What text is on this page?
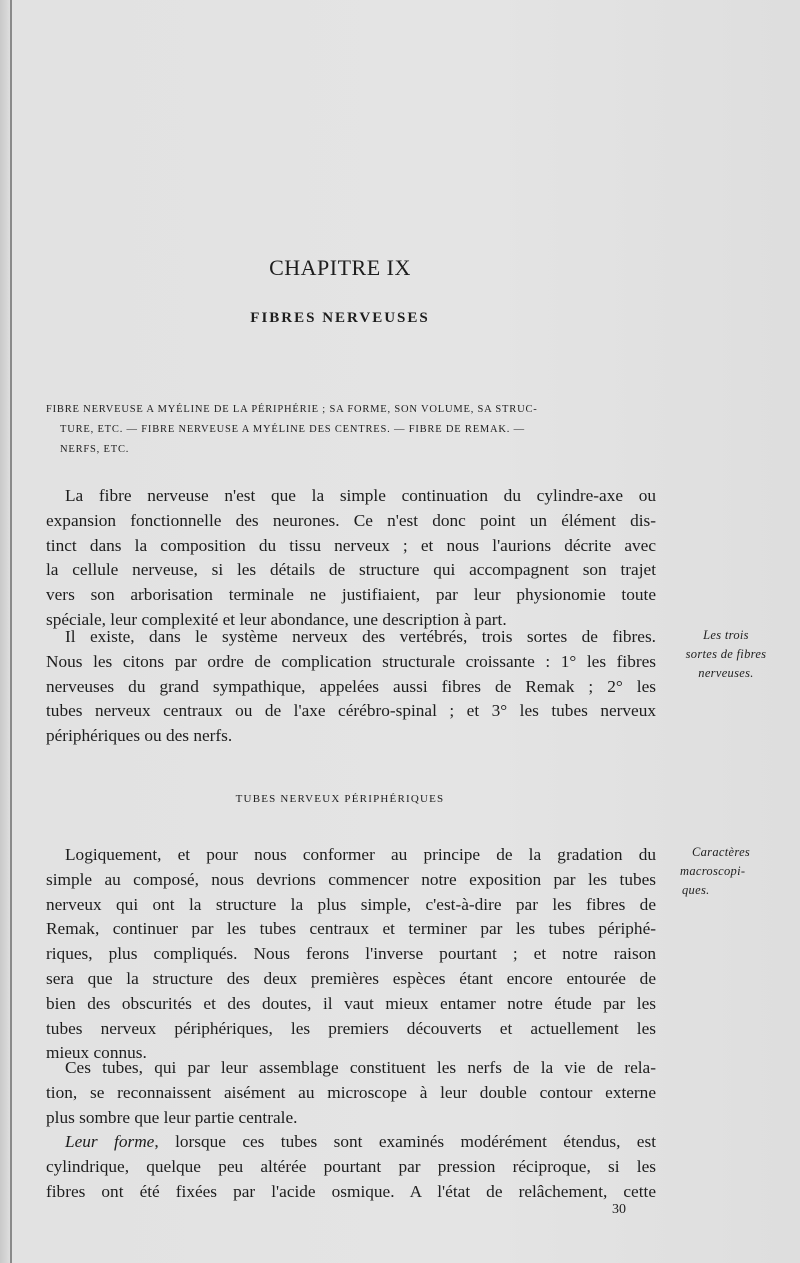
CHAPITRE IX
FIBRES NERVEUSES
FIBRE NERVEUSE A MYÉLINE DE LA PÉRIPHÉRIE ; SA FORME, SON VOLUME, SA STRUC-
TURE, ETC. — FIBRE NERVEUSE A MYÉLINE DES CENTRES. — FIBRE DE REMAK. —
NERFS, ETC.
La fibre nerveuse n'est que la simple continuation du cylindre-axe ou
expansion fonctionnelle des neurones. Ce n'est donc point un élément dis-
tinct dans la composition du tissu nerveux ; et nous l'aurions décrite avec
la cellule nerveuse, si les détails de structure qui accompagnent son trajet
vers son arborisation terminale ne justifiaient, par leur physionomie toute
spéciale, leur complexité et leur abondance, une description à part.
Il existe, dans le système nerveux des vertébrés, trois sortes de fibres.
Nous les citons par ordre de complication structurale croissante : 1° les fibres
nerveuses du grand sympathique, appelées aussi fibres de Remak ; 2° les
tubes nerveux centraux ou de l'axe cérébro-spinal ; et 3° les tubes nerveux
périphériques ou des nerfs.
Les trois
sortes de fibres
nerveuses.
TUBES NERVEUX PÉRIPHÉRIQUES
Logiquement, et pour nous conformer au principe de la gradation du
simple au composé, nous devrions commencer notre exposition par les tubes
nerveux qui ont la structure la plus simple, c'est-à-dire par les fibres de
Remak, continuer par les tubes centraux et terminer par les tubes périphé-
riques, plus compliqués. Nous ferons l'inverse pourtant ; et notre raison
sera que la structure des deux premières espèces étant encore entourée de
bien des obscurités et des doutes, il vaut mieux entamer notre étude par les
tubes nerveux périphériques, les premiers découverts et actuellement les
mieux connus.
Caractères
macroscopi-
ques.
Ces tubes, qui par leur assemblage constituent les nerfs de la vie de rela-
tion, se reconnaissent aisément au microscope à leur double contour externe
plus sombre que leur partie centrale.
Leur forme, lorsque ces tubes sont examinés modérément étendus, est
cylindrique, quelque peu altérée pourtant par pression réciproque, si les
fibres ont été fixées par l'acide osmique. A l'état de relâchement, cette
30
